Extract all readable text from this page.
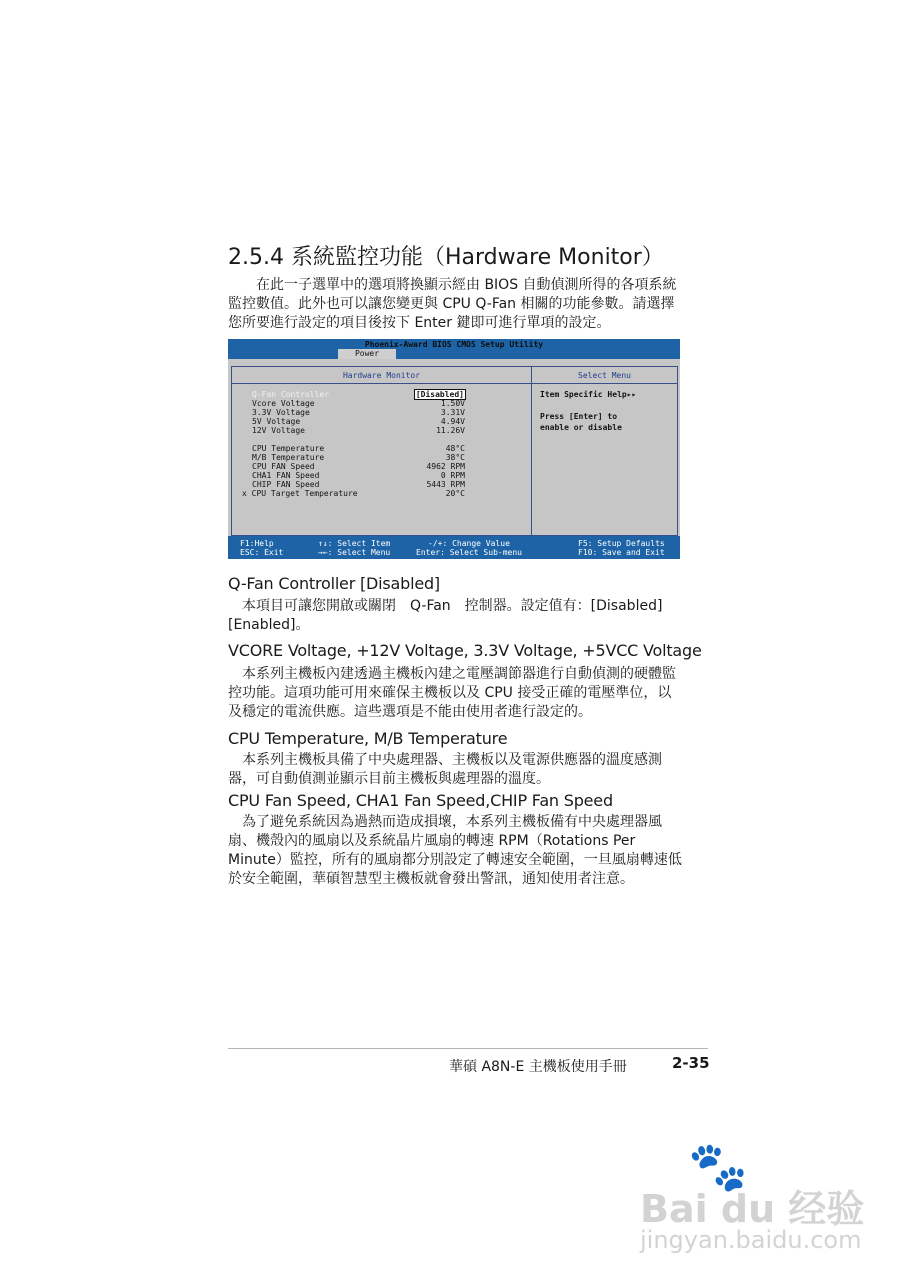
2.5.4 系統監控功能（Hardware Monitor）

在此一子選單中的選項將換顯示經由 BIOS 自動偵測所得的各項系統監控數值。此外也可以讓您變更與 CPU Q-Fan 相關的功能參數。請選擇您所要進行設定的項目後按下 Enter 鍵即可進行單項的設定。

Phoenix-Award BIOS CMOS Setup Utility
Power
Hardware Monitor
Q-Fan Controller	[Disabled]
Vcore Voltage	1.50V
3.3V Voltage	3.31V
5V Voltage	4.94V
12V Voltage	11.26V
CPU Temperature	48°C
M/B Temperature	38°C
CPU FAN Speed	4962 RPM
CHA1 FAN Speed	0 RPM
CHIP FAN Speed	5443 RPM
x CPU Target Temperature	20°C
Select Menu
Item Specific Help▸▸
Press [Enter] to
enable or disable
F1:Help
ESC: Exit
↑↓: Select Item
→←: Select Menu
-/+: Change Value
Enter: Select Sub-menu
F5: Setup Defaults
F10: Save and Exit
Q-Fan Controller [Disabled]

本項目可讓您開啟或關閉　Q-Fan　控制器。設定值有：[Disabled] [Enabled]。

VCORE Voltage, +12V Voltage, 3.3V Voltage, +5VCC Voltage

本系列主機板內建透過主機板內建之電壓調節器進行自動偵測的硬體監控功能。這項功能可用來確保主機板以及 CPU 接受正確的電壓準位，以及穩定的電流供應。這些選項是不能由使用者進行設定的。

CPU Temperature, M/B Temperature

本系列主機板具備了中央處理器、主機板以及電源供應器的溫度感測器，可自動偵測並顯示目前主機板與處理器的溫度。

CPU Fan Speed, CHA1 Fan Speed,CHIP Fan Speed

為了避免系統因為過熱而造成損壞，本系列主機板備有中央處理器風扇、機殼內的風扇以及系統晶片風扇的轉速 RPM（Rotations Per Minute）監控，所有的風扇都分別設定了轉速安全範圍，一旦風扇轉速低於安全範圍，華碩智慧型主機板就會發出警訊，通知使用者注意。

華碩 A8N-E 主機板使用手冊	2-35
🐾
Bai du 经验
jingyan.baidu.com
